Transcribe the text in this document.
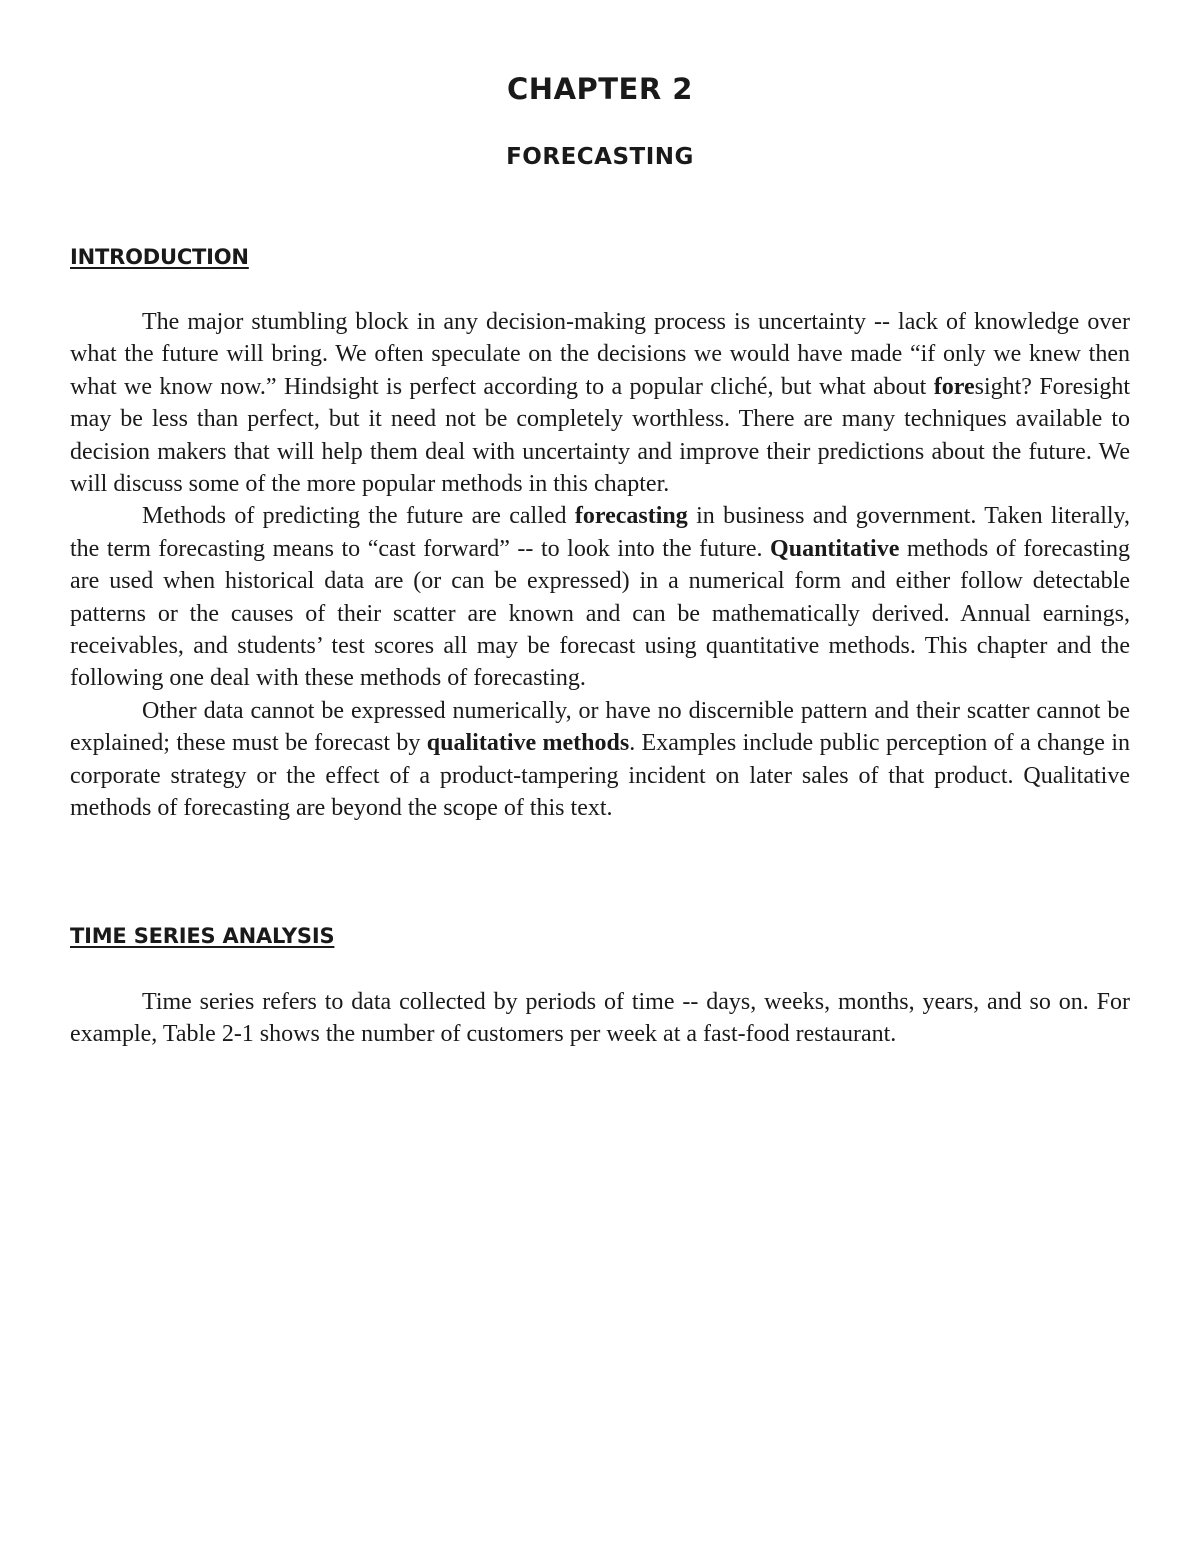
CHAPTER 2
FORECASTING
INTRODUCTION

The major stumbling block in any decision-making process is uncertainty -- lack of knowledge over what the future will bring. We often speculate on the decisions we would have made “if only we knew then what we know now.” Hindsight is perfect according to a popular cliché, but what about foresight? Foresight may be less than perfect, but it need not be completely worthless. There are many techniques available to decision makers that will help them deal with uncertainty and improve their predictions about the future. We will discuss some of the more popular methods in this chapter.

Methods of predicting the future are called forecasting in business and government. Taken literally, the term forecasting means to “cast forward” -- to look into the future. Quantitative methods of forecasting are used when historical data are (or can be expressed) in a numerical form and either follow detectable patterns or the causes of their scatter are known and can be mathematically derived. Annual earnings, receivables, and students’ test scores all may be forecast using quantitative methods. This chapter and the following one deal with these methods of forecasting.

Other data cannot be expressed numerically, or have no discernible pattern and their scatter cannot be explained; these must be forecast by qualitative methods. Examples include public perception of a change in corporate strategy or the effect of a product-tampering incident on later sales of that product. Qualitative methods of forecasting are beyond the scope of this text.

TIME SERIES ANALYSIS

Time series refers to data collected by periods of time -- days, weeks, months, years, and so on. For example, Table 2-1 shows the number of customers per week at a fast-food restaurant.
